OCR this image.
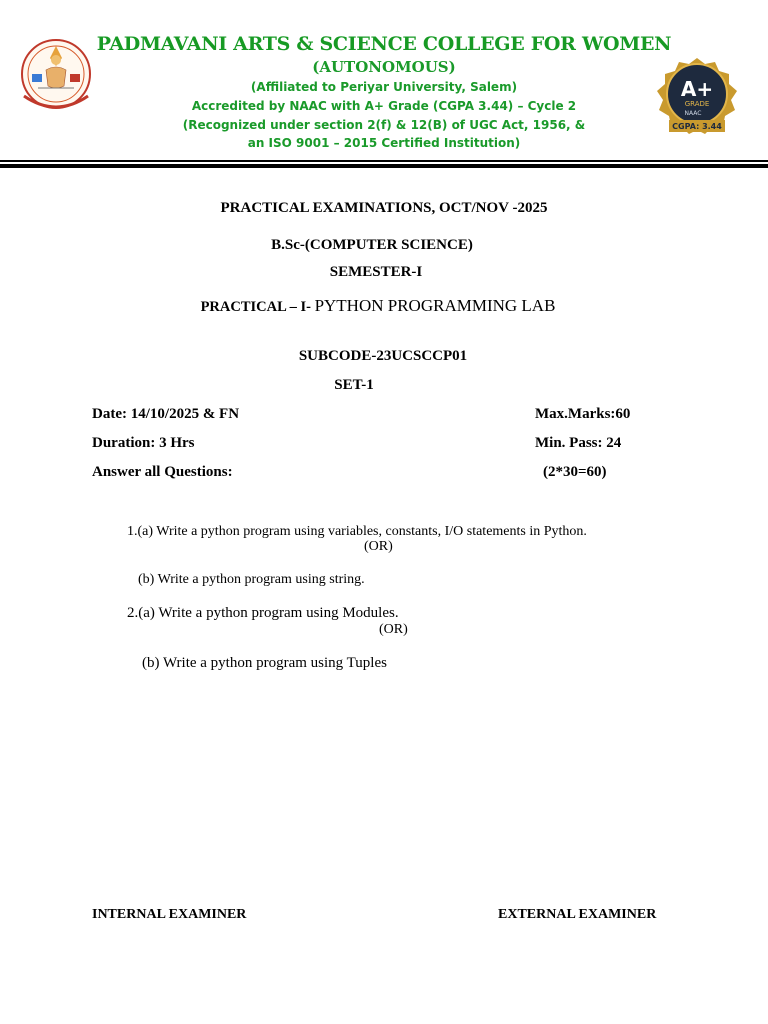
PADMAVANI ARTS & SCIENCE COLLEGE FOR WOMEN
(AUTONOMOUS)
(Affiliated to Periyar University, Salem)
Accredited by NAAC with A+ Grade (CGPA 3.44) – Cycle 2
(Recognized under section 2(f) & 12(B) of UGC Act, 1956, &
an ISO 9001 – 2015 Certified Institution)
A+
GRADE
NAAC
CGPA: 3.44
PRACTICAL EXAMINATIONS, OCT/NOV -2025
B.Sc-(COMPUTER SCIENCE)
SEMESTER-I
PRACTICAL – I- PYTHON PROGRAMMING LAB
SUBCODE-23UCSCCP01
SET-1
Date: 14/10/2025 & FN	Max.Marks:60
Duration: 3 Hrs	Min. Pass: 24
Answer all Questions:	(2*30=60)
1.(a) Write a python program using variables, constants, I/O statements in Python.
(OR)
(b) Write a python program using string.
2.(a) Write a python program using Modules.
(OR)
(b) Write a python program using Tuples
INTERNAL EXAMINER	EXTERNAL EXAMINER
